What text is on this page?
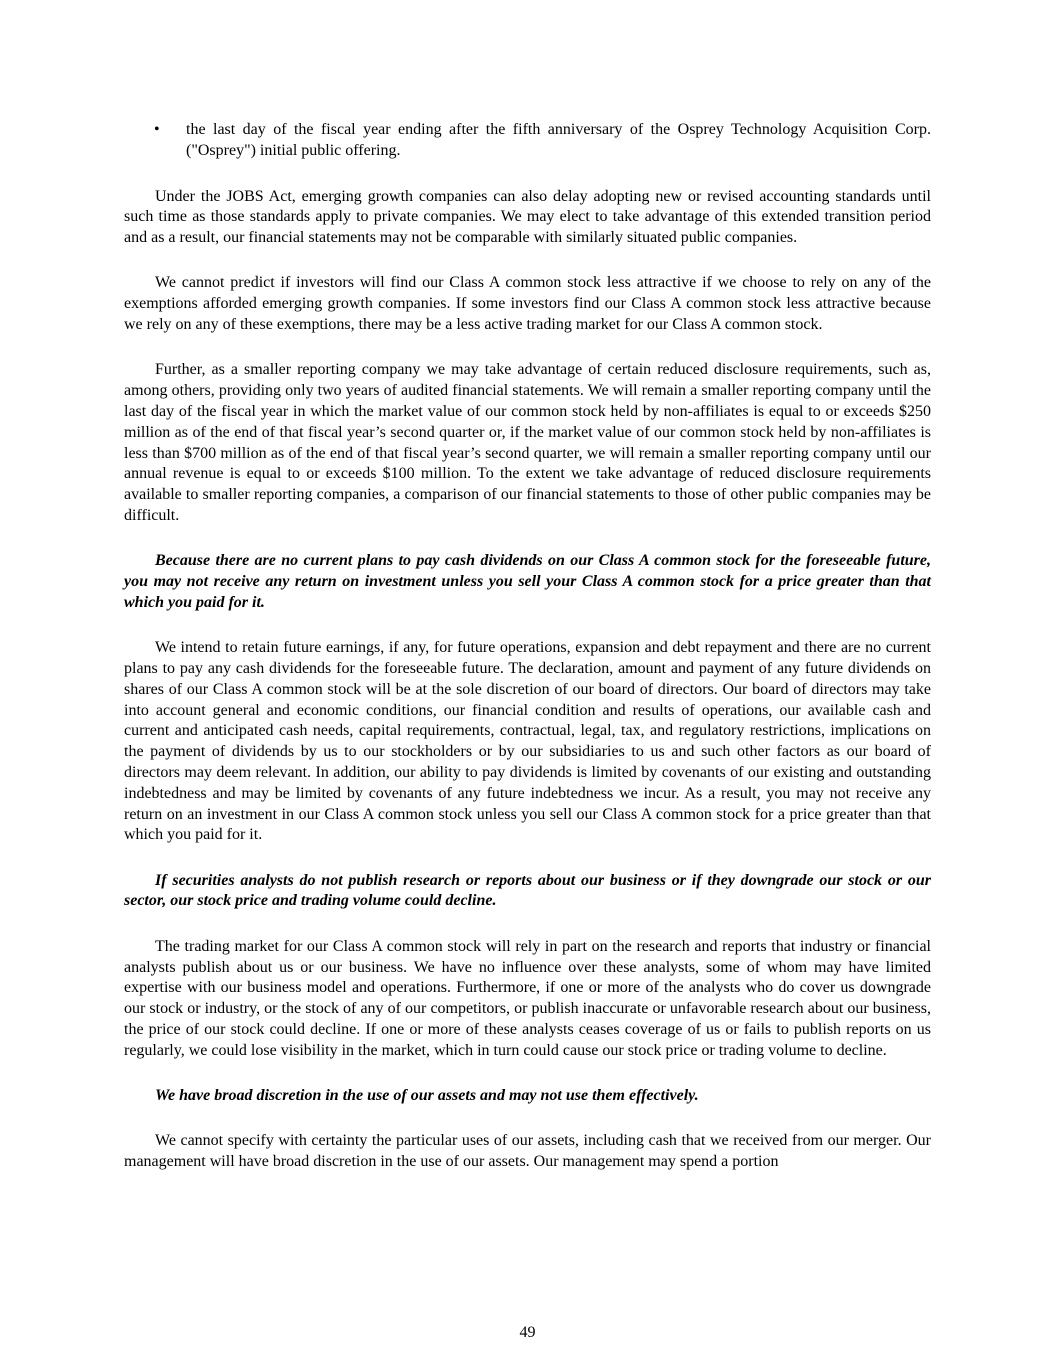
• the last day of the fiscal year ending after the fifth anniversary of the Osprey Technology Acquisition Corp. ("Osprey") initial public offering.

Under the JOBS Act, emerging growth companies can also delay adopting new or revised accounting standards until such time as those standards apply to private companies. We may elect to take advantage of this extended transition period and as a result, our financial statements may not be comparable with similarly situated public companies.

We cannot predict if investors will find our Class A common stock less attractive if we choose to rely on any of the exemptions afforded emerging growth companies. If some investors find our Class A common stock less attractive because we rely on any of these exemptions, there may be a less active trading market for our Class A common stock.

Further, as a smaller reporting company we may take advantage of certain reduced disclosure requirements, such as, among others, providing only two years of audited financial statements. We will remain a smaller reporting company until the last day of the fiscal year in which the market value of our common stock held by non-affiliates is equal to or exceeds $250 million as of the end of that fiscal year’s second quarter or, if the market value of our common stock held by non-affiliates is less than $700 million as of the end of that fiscal year’s second quarter, we will remain a smaller reporting company until our annual revenue is equal to or exceeds $100 million. To the extent we take advantage of reduced disclosure requirements available to smaller reporting companies, a comparison of our financial statements to those of other public companies may be difficult.

Because there are no current plans to pay cash dividends on our Class A common stock for the foreseeable future, you may not receive any return on investment unless you sell your Class A common stock for a price greater than that which you paid for it.

We intend to retain future earnings, if any, for future operations, expansion and debt repayment and there are no current plans to pay any cash dividends for the foreseeable future. The declaration, amount and payment of any future dividends on shares of our Class A common stock will be at the sole discretion of our board of directors. Our board of directors may take into account general and economic conditions, our financial condition and results of operations, our available cash and current and anticipated cash needs, capital requirements, contractual, legal, tax, and regulatory restrictions, implications on the payment of dividends by us to our stockholders or by our subsidiaries to us and such other factors as our board of directors may deem relevant. In addition, our ability to pay dividends is limited by covenants of our existing and outstanding indebtedness and may be limited by covenants of any future indebtedness we incur. As a result, you may not receive any return on an investment in our Class A common stock unless you sell our Class A common stock for a price greater than that which you paid for it.

If securities analysts do not publish research or reports about our business or if they downgrade our stock or our sector, our stock price and trading volume could decline.

The trading market for our Class A common stock will rely in part on the research and reports that industry or financial analysts publish about us or our business. We have no influence over these analysts, some of whom may have limited expertise with our business model and operations. Furthermore, if one or more of the analysts who do cover us downgrade our stock or industry, or the stock of any of our competitors, or publish inaccurate or unfavorable research about our business, the price of our stock could decline. If one or more of these analysts ceases coverage of us or fails to publish reports on us regularly, we could lose visibility in the market, which in turn could cause our stock price or trading volume to decline.

We have broad discretion in the use of our assets and may not use them effectively.

We cannot specify with certainty the particular uses of our assets, including cash that we received from our merger. Our management will have broad discretion in the use of our assets. Our management may spend a portion

49
